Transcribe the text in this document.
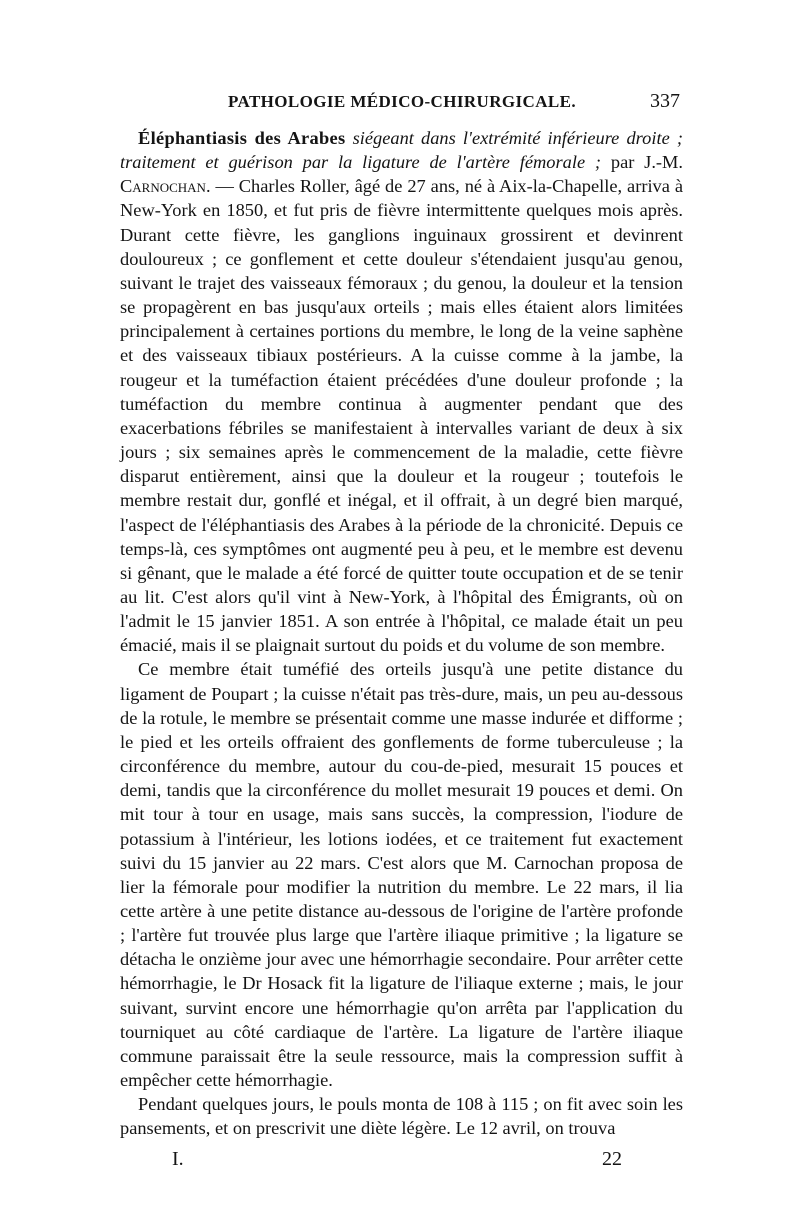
PATHOLOGIE MÉDICO-CHIRURGICALE.	337

Éléphantiasis des Arabes siégeant dans l'extrémité inférieure droite ; traitement et guérison par la ligature de l'artère fémorale ; par J.-M. Carnochan. — Charles Roller, âgé de 27 ans, né à Aix-la-Chapelle, arriva à New-York en 1850, et fut pris de fièvre intermittente quelques mois après. Durant cette fièvre, les ganglions inguinaux grossirent et devinrent douloureux ; ce gonflement et cette douleur s'étendaient jusqu'au genou, suivant le trajet des vaisseaux fémoraux ; du genou, la douleur et la tension se propagèrent en bas jusqu'aux orteils ; mais elles étaient alors limitées principalement à certaines portions du membre, le long de la veine saphène et des vaisseaux tibiaux postérieurs. A la cuisse comme à la jambe, la rougeur et la tuméfaction étaient précédées d'une douleur profonde ; la tuméfaction du membre continua à augmenter pendant que des exacerbations fébriles se manifestaient à intervalles variant de deux à six jours ; six semaines après le commencement de la maladie, cette fièvre disparut entièrement, ainsi que la douleur et la rougeur ; toutefois le membre restait dur, gonflé et inégal, et il offrait, à un degré bien marqué, l'aspect de l'éléphantiasis des Arabes à la période de la chronicité. Depuis ce temps-là, ces symptômes ont augmenté peu à peu, et le membre est devenu si gênant, que le malade a été forcé de quitter toute occupation et de se tenir au lit. C'est alors qu'il vint à New-York, à l'hôpital des Émigrants, où on l'admit le 15 janvier 1851. A son entrée à l'hôpital, ce malade était un peu émacié, mais il se plaignait surtout du poids et du volume de son membre.

Ce membre était tuméfié des orteils jusqu'à une petite distance du ligament de Poupart ; la cuisse n'était pas très-dure, mais, un peu au-dessous de la rotule, le membre se présentait comme une masse indurée et difforme ; le pied et les orteils offraient des gonflements de forme tuberculeuse ; la circonférence du membre, autour du cou-de-pied, mesurait 15 pouces et demi, tandis que la circonférence du mollet mesurait 19 pouces et demi. On mit tour à tour en usage, mais sans succès, la compression, l'iodure de potassium à l'intérieur, les lotions iodées, et ce traitement fut exactement suivi du 15 janvier au 22 mars. C'est alors que M. Carnochan proposa de lier la fémorale pour modifier la nutrition du membre. Le 22 mars, il lia cette artère à une petite distance au-dessous de l'origine de l'artère profonde ; l'artère fut trouvée plus large que l'artère iliaque primitive ; la ligature se détacha le onzième jour avec une hémorrhagie secondaire. Pour arrêter cette hémorrhagie, le Dr Hosack fit la ligature de l'iliaque externe ; mais, le jour suivant, survint encore une hémorrhagie qu'on arrêta par l'application du tourniquet au côté cardiaque de l'artère. La ligature de l'artère iliaque commune paraissait être la seule ressource, mais la compression suffit à empêcher cette hémorrhagie.

Pendant quelques jours, le pouls monta de 108 à 115 ; on fit avec soin les pansements, et on prescrivit une diète légère. Le 12 avril, on trouva

I.	22
